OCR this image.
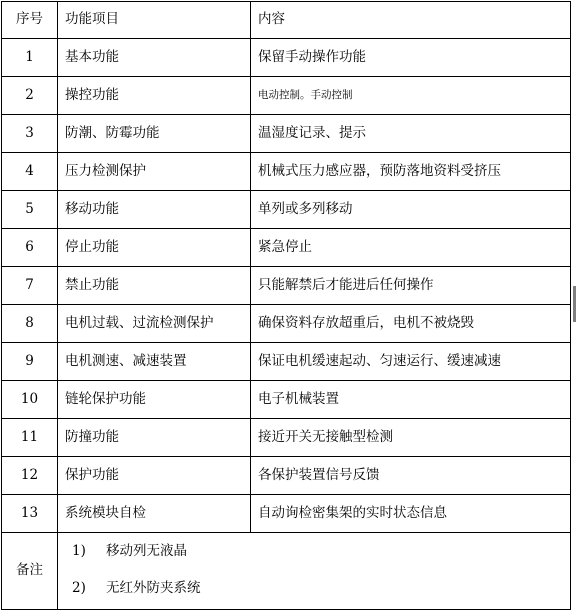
序号	功能项目	内容
1	基本功能	保留手动操作功能
2	操控功能	电动控制。手动控制
3	防潮、防霉功能	温湿度记录、提示
4	压力检测保护	机械式压力感应器，预防落地资料受挤压
5	移动功能	单列或多列移动
6	停止功能	紧急停止
7	禁止功能	只能解禁后才能进后任何操作
8	电机过载、过流检测保护	确保资料存放超重后，电机不被烧毁
9	电机测速、减速装置	保证电机缓速起动、匀速运行、缓速减速
10	链轮保护功能	电子机械装置
11	防撞功能	接近开关无接触型检测
12	保护功能	各保护装置信号反馈
13	系统模块自检	自动询检密集架的实时状态信息
备注	1) 移动列无液晶
2) 无红外防夹系统	
